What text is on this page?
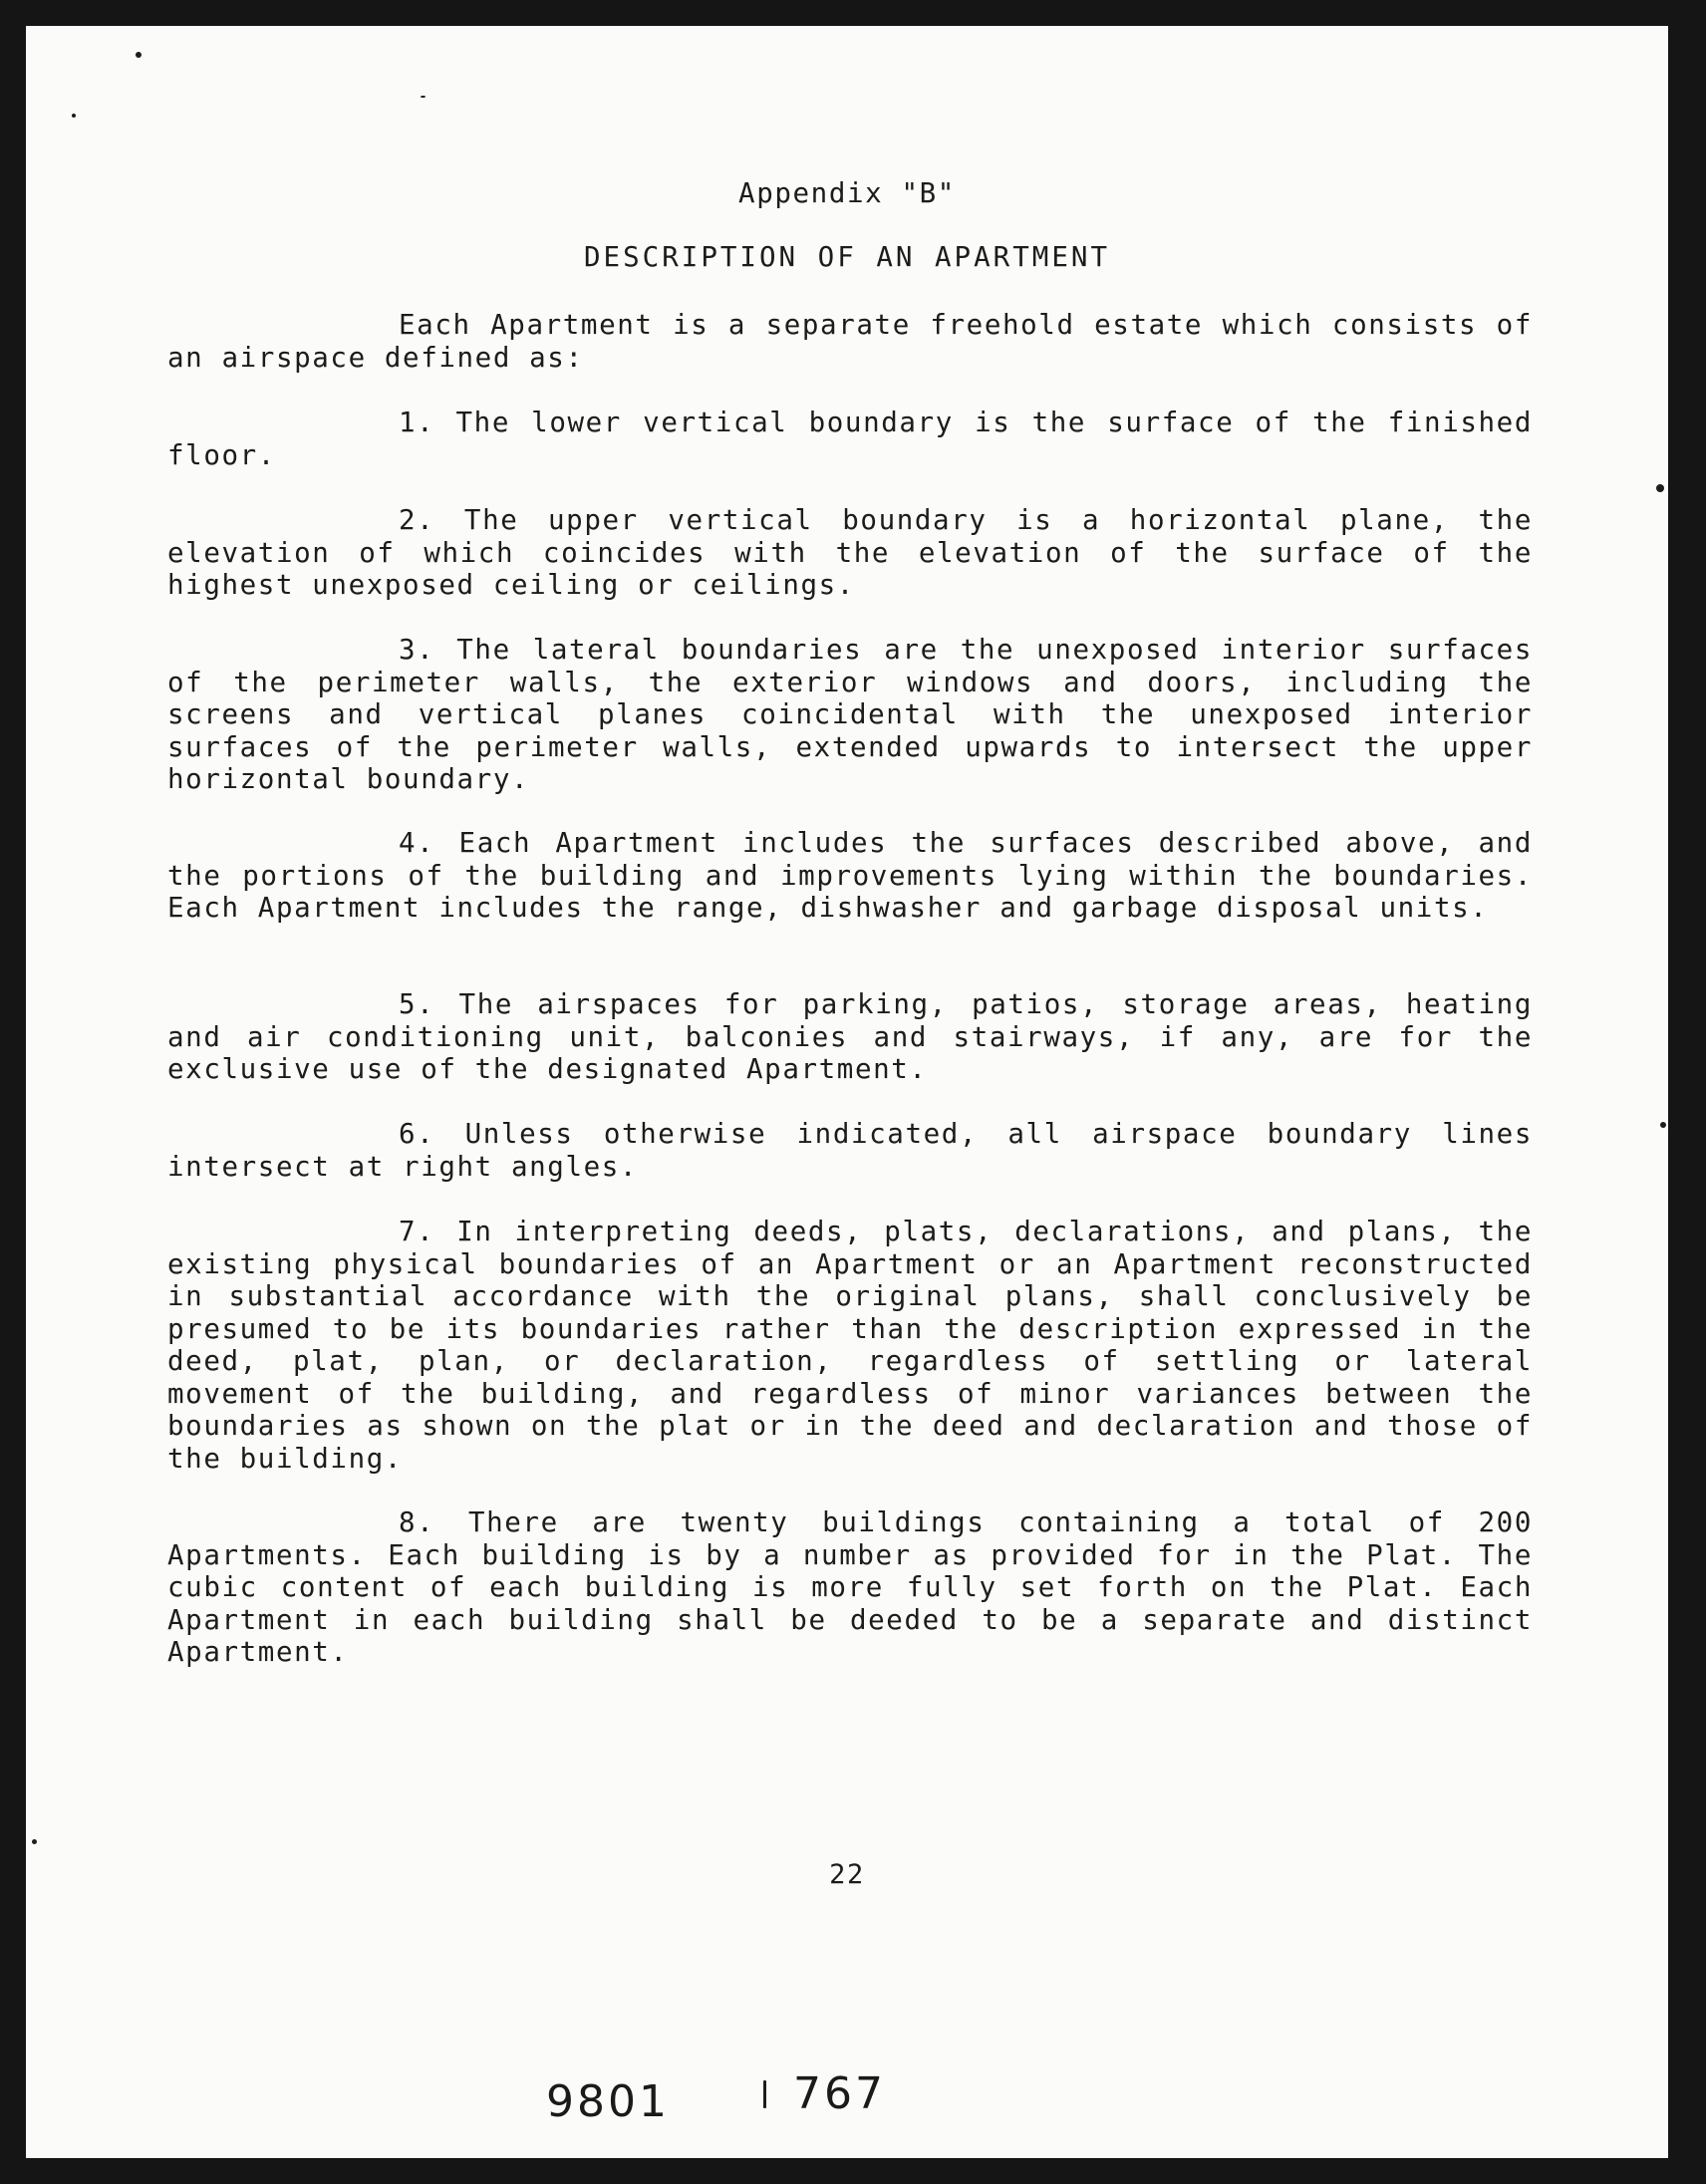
Appendix "B"
DESCRIPTION OF AN APARTMENT

Each Apartment is a separate freehold estate which consists of an airspace defined as:

1. The lower vertical boundary is the surface of the finished floor.

2. The upper vertical boundary is a horizontal plane, the elevation of which coincides with the elevation of the surface of the highest unexposed ceiling or ceilings.

3. The lateral boundaries are the unexposed interior surfaces of the perimeter walls, the exterior windows and doors, including the screens and vertical planes coincidental with the unexposed interior surfaces of the perimeter walls, extended upwards to intersect the upper horizontal boundary.

4. Each Apartment includes the surfaces described above, and the portions of the building and improvements lying within the boundaries. Each Apartment includes the range, dishwasher and garbage disposal units.

5. The airspaces for parking, patios, storage areas, heating and air conditioning unit, balconies and stairways, if any, are for the exclusive use of the designated Apartment.

6. Unless otherwise indicated, all airspace boundary lines intersect at right angles.

7. In interpreting deeds, plats, declarations, and plans, the existing physical boundaries of an Apartment or an Apartment reconstructed in substantial accordance with the original plans, shall conclusively be presumed to be its boundaries rather than the description expressed in the deed, plat, plan, or declaration, regardless of settling or lateral movement of the building, and regardless of minor variances between the boundaries as shown on the plat or in the deed and declaration and those of the building.

8. There are twenty buildings containing a total of 200 Apartments. Each building is by a number as provided for in the Plat. The cubic content of each building is more fully set forth on the Plat. Each Apartment in each building shall be deeded to be a separate and distinct Apartment.

22
9801	767
